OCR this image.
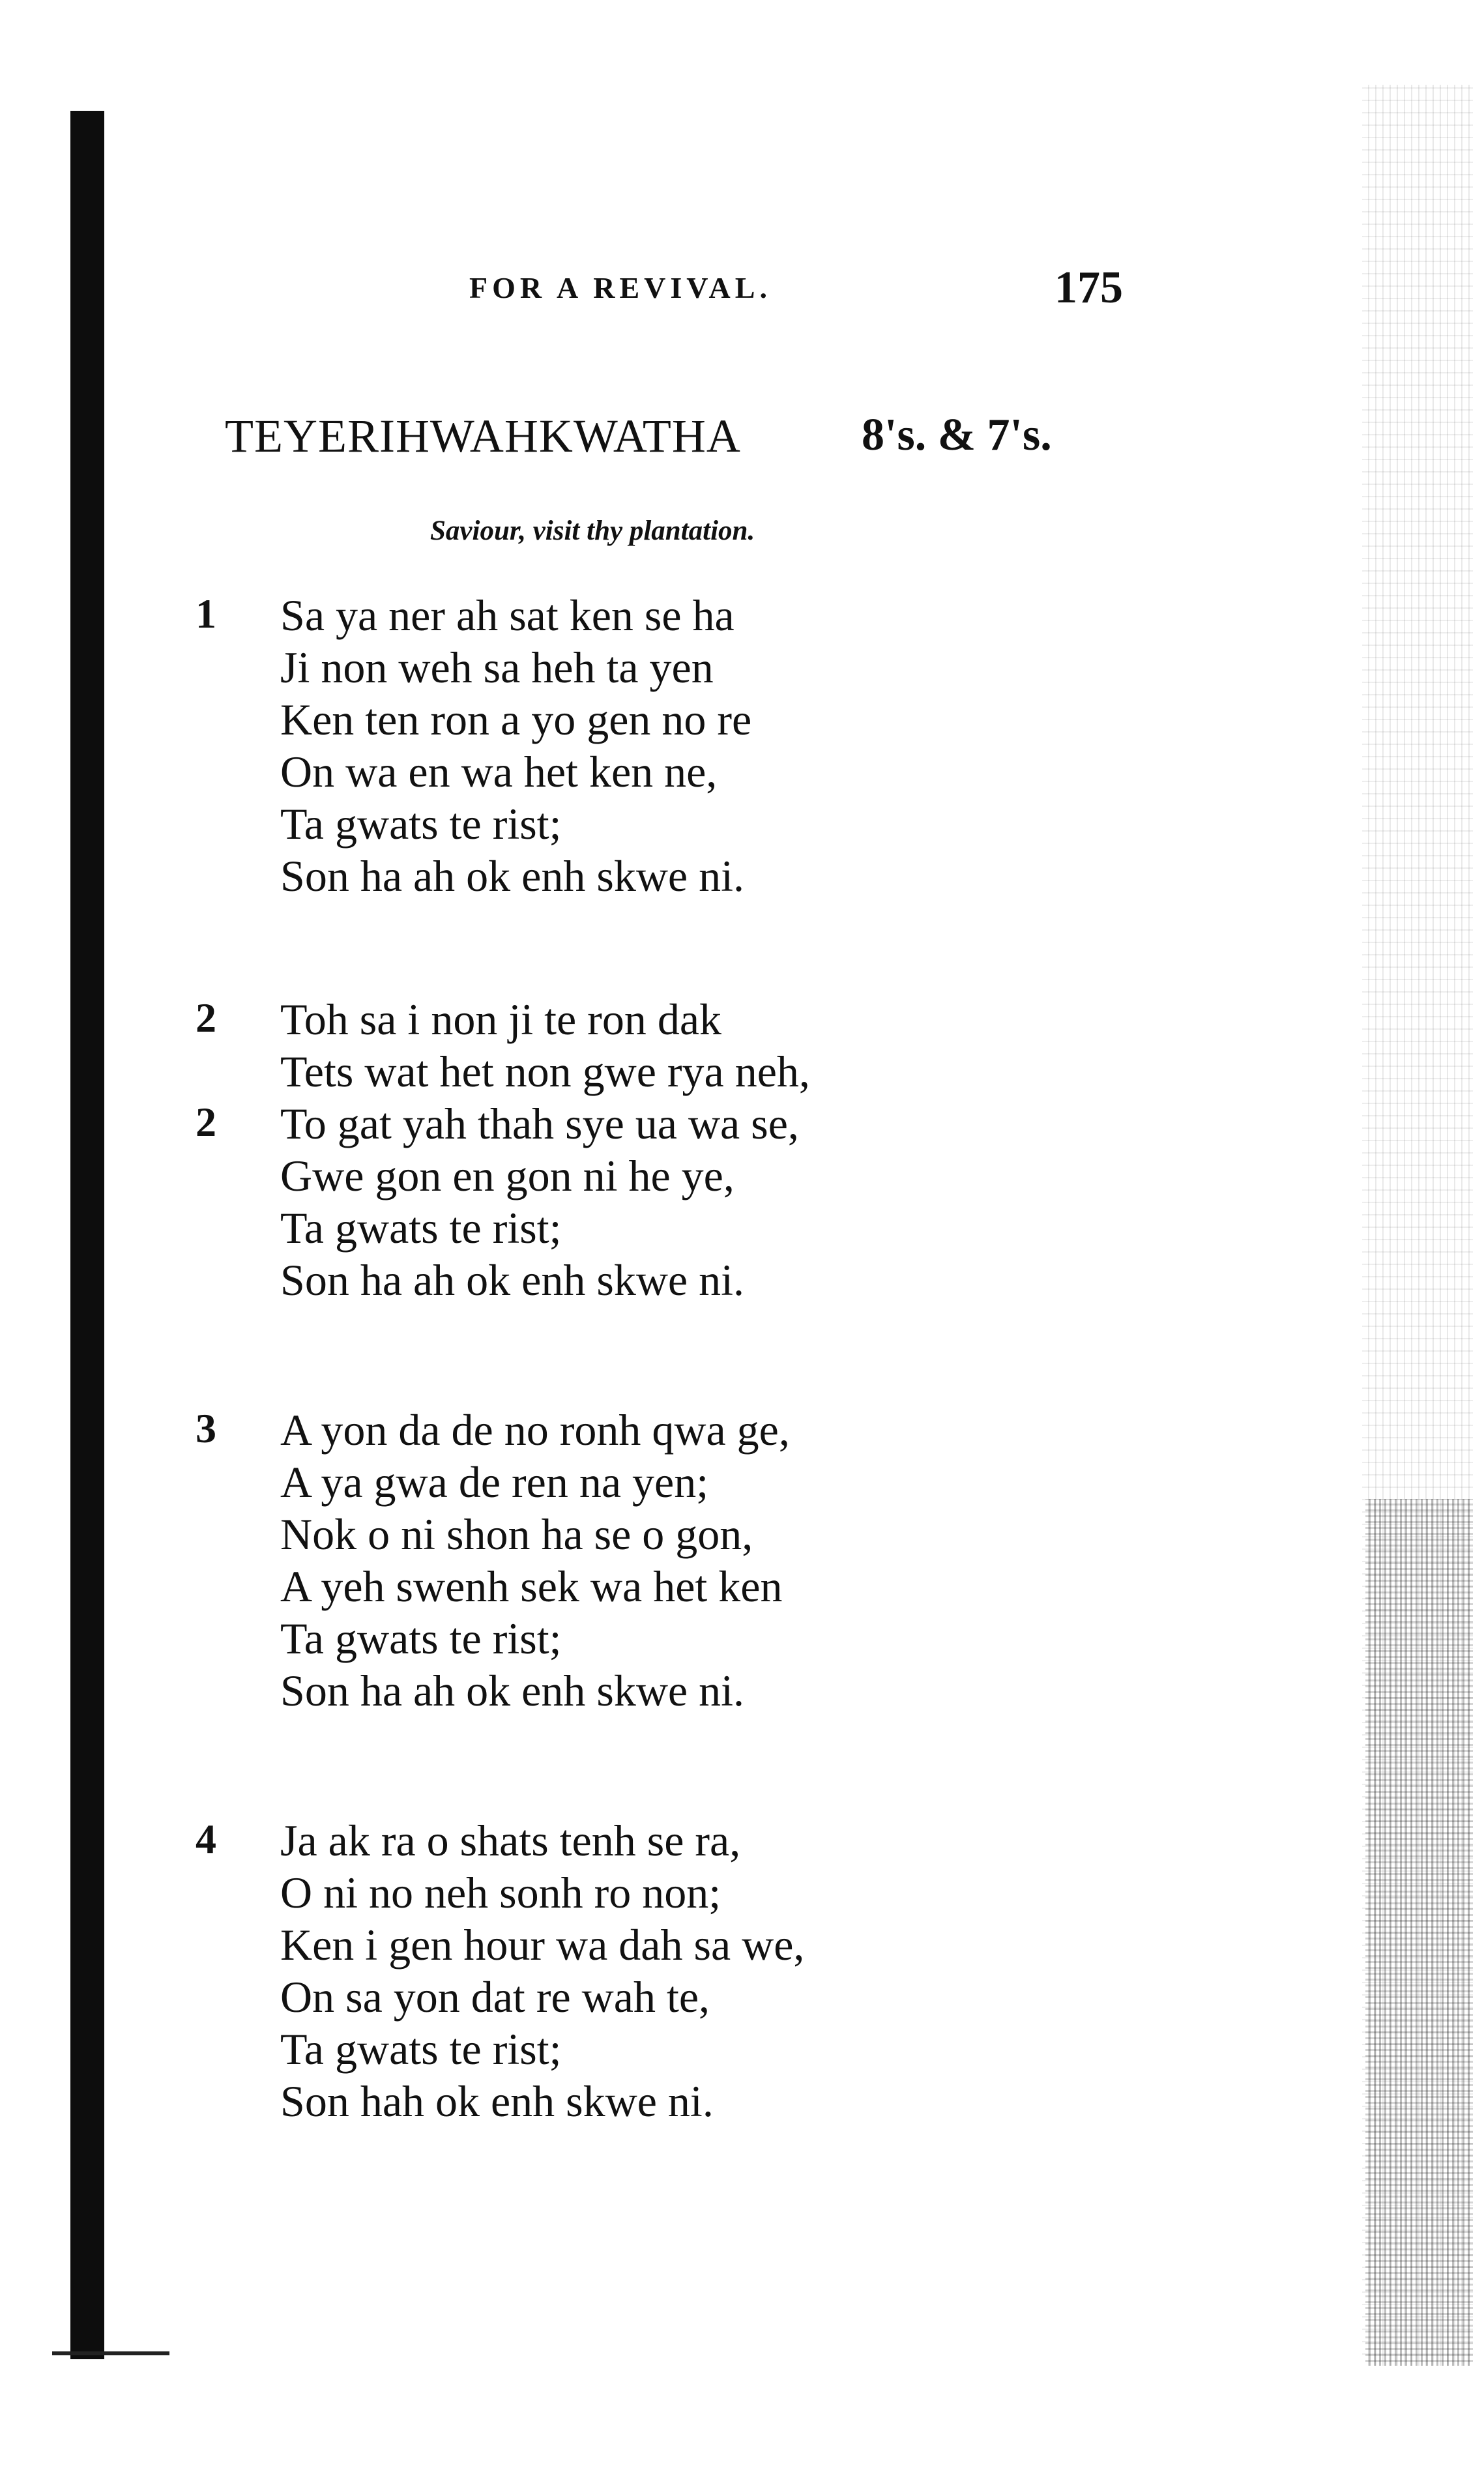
FOR A REVIVAL.	175
TEYERIHWAHKWATHA	8's. & 7's.
Saviour, visit thy plantation.
1 Sa ya ner ah sat ken se ha
Ji non weh sa heh ta yen
Ken ten ron a yo gen no re
On wa en wa het ken ne,
Ta gwats te rist;
Son ha ah ok enh skwe ni.
2 Toh sa i non ji te ron dak
Tets wat het non gwe rya neh,
2 To gat yah thah sye ua wa se,
Gwe gon en gon ni he ye,
Ta gwats te rist;
Son ha ah ok enh skwe ni.
3 A yon da de no ronh qwa ge,
A ya gwa de ren na yen;
Nok o ni shon ha se o gon,
A yeh swenh sek wa het ken
Ta gwats te rist;
Son ha ah ok enh skwe ni.
4 Ja ak ra o shats tenh se ra,
O ni no neh sonh ro non;
Ken i gen hour wa dah sa we,
On sa yon dat re wah te,
Ta gwats te rist;
Son hah ok enh skwe ni.
